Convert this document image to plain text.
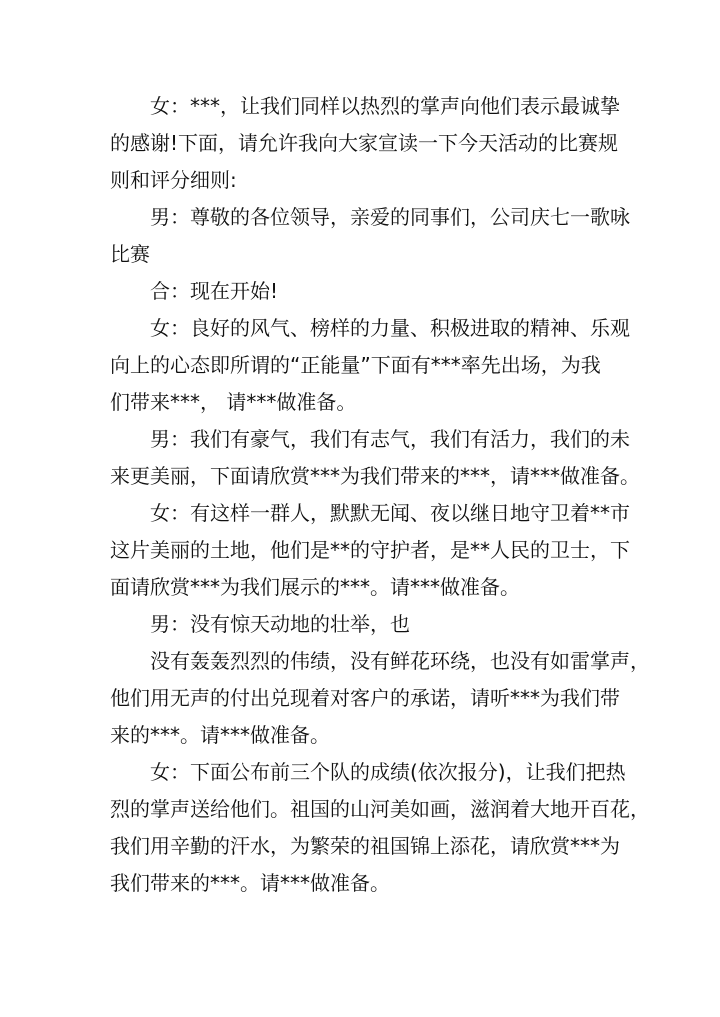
女：***，让我们同样以热烈的掌声向他们表示最诚挚
的感谢!下面，请允许我向大家宣读一下今天活动的比赛规
则和评分细则:
男：尊敬的各位领导，亲爱的同事们，公司庆七一歌咏
比赛
合：现在开始!
女：良好的风气、榜样的力量、积极进取的精神、乐观
向上的心态即所谓的“正能量”下面有***率先出场，为我
们带来***， 请***做准备。
男：我们有豪气，我们有志气，我们有活力，我们的未
来更美丽，下面请欣赏***为我们带来的***，请***做准备。
女：有这样一群人，默默无闻、夜以继日地守卫着**市
这片美丽的土地，他们是**的守护者，是**人民的卫士，下
面请欣赏***为我们展示的***。请***做准备。
男：没有惊天动地的壮举，也
没有轰轰烈烈的伟绩，没有鲜花环绕，也没有如雷掌声，
他们用无声的付出兑现着对客户的承诺，请听***为我们带
来的***。请***做准备。
女：下面公布前三个队的成绩(依次报分)，让我们把热
烈的掌声送给他们。祖国的山河美如画，滋润着大地开百花，
我们用辛勤的汗水，为繁荣的祖国锦上添花，请欣赏***为
我们带来的***。请***做准备。
